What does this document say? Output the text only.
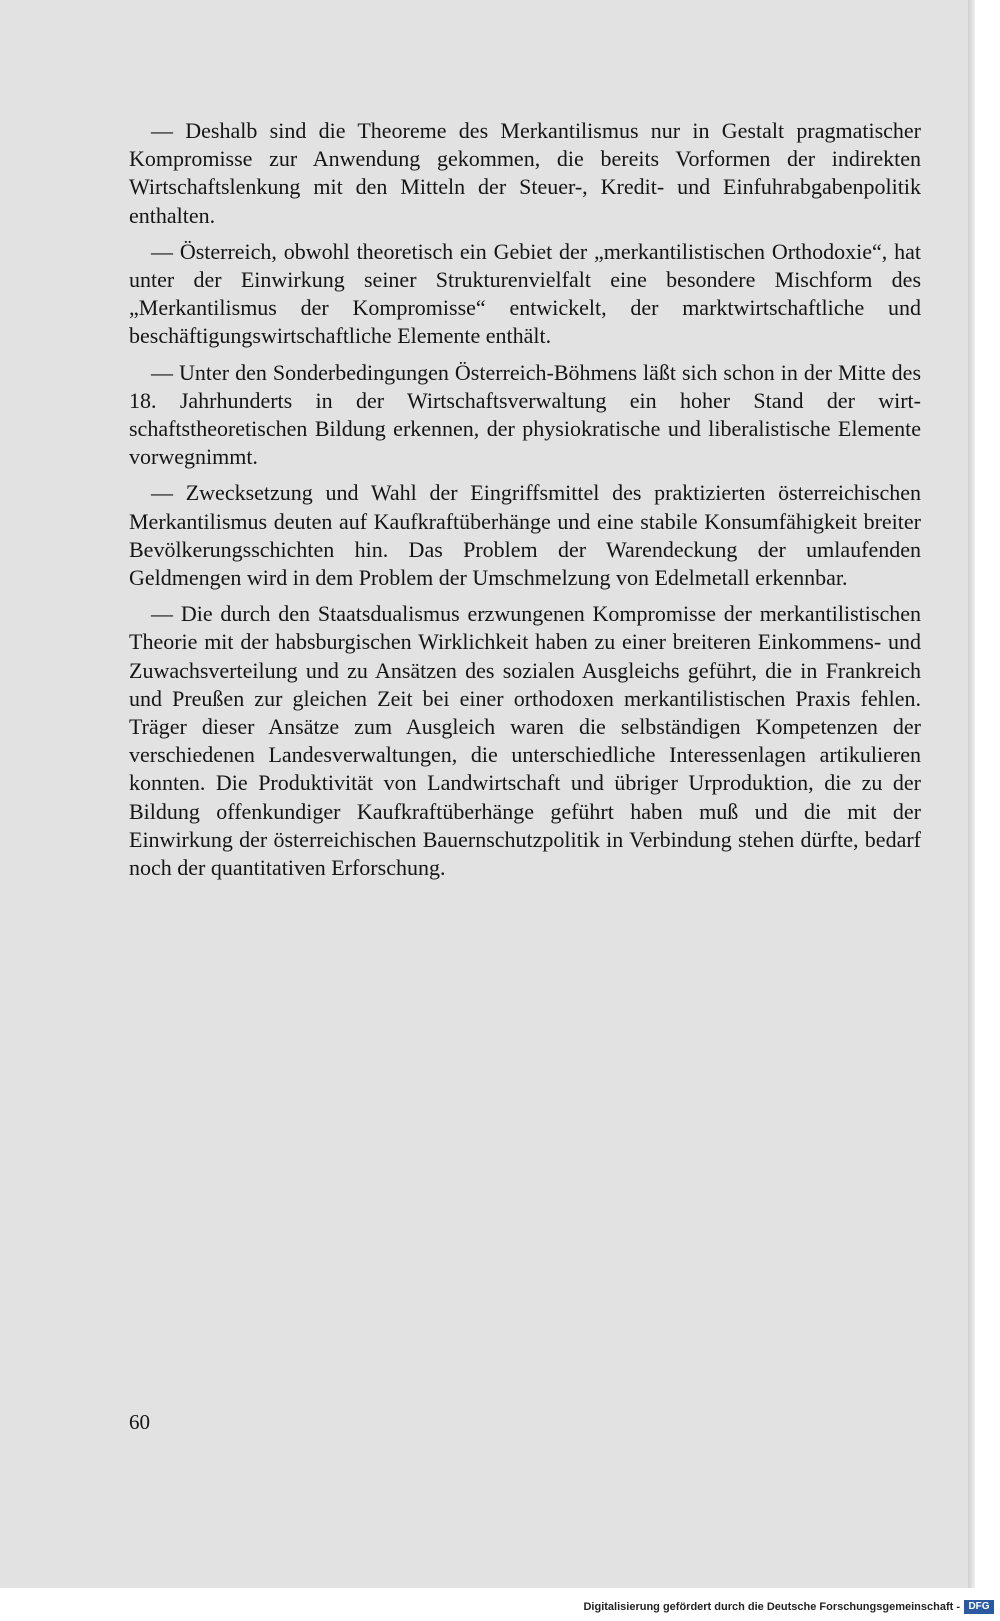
— Deshalb sind die Theoreme des Merkantilismus nur in Gestalt pragmatischer Kompromisse zur Anwendung gekommen, die bereits Vorformen der indirekten Wirtschaftslenkung mit den Mitteln der Steuer-, Kredit- und Einfuhrabgabenpolitik enthalten.

— Österreich, obwohl theoretisch ein Gebiet der „merkantilistischen Orthodoxie“, hat unter der Einwirkung seiner Strukturenvielfalt eine besondere Mischform des „Merkantilismus der Kompromisse“ entwickelt, der marktwirtschaftliche und beschäftigungswirtschaftliche Elemente enthält.

— Unter den Sonderbedingungen Österreich-Böhmens läßt sich schon in der Mitte des 18. Jahrhunderts in der Wirtschaftsverwaltung ein hoher Stand der wirtschaftstheoretischen Bildung erkennen, der physiokratische und liberalistische Elemente vorwegnimmt.

— Zwecksetzung und Wahl der Eingriffsmittel des praktizierten österreichischen Merkantilismus deuten auf Kaufkraftüberhänge und eine stabile Konsumfähigkeit breiter Bevölkerungsschichten hin. Das Problem der Warendeckung der umlaufenden Geldmengen wird in dem Problem der Umschmelzung von Edelmetall erkennbar.

— Die durch den Staatsdualismus erzwungenen Kompromisse der merkantilistischen Theorie mit der habsburgischen Wirklichkeit haben zu einer breiteren Einkommens- und Zuwachsverteilung und zu Ansätzen des sozialen Ausgleichs geführt, die in Frankreich und Preußen zur gleichen Zeit bei einer orthodoxen merkantilistischen Praxis fehlen. Träger dieser Ansätze zum Ausgleich waren die selbständigen Kompetenzen der verschiedenen Landesverwaltungen, die unterschiedliche Interessenlagen artikulieren konnten. Die Produktivität von Landwirtschaft und übriger Urproduktion, die zu der Bildung offenkundiger Kaufkraftüberhänge geführt haben muß und die mit der Einwirkung der österreichischen Bauernschutzpolitik in Verbindung stehen dürfte, bedarf noch der quantitativen Erforschung.

60
Digitalisierung gefördert durch die Deutsche Forschungsgemeinschaft - DFG
